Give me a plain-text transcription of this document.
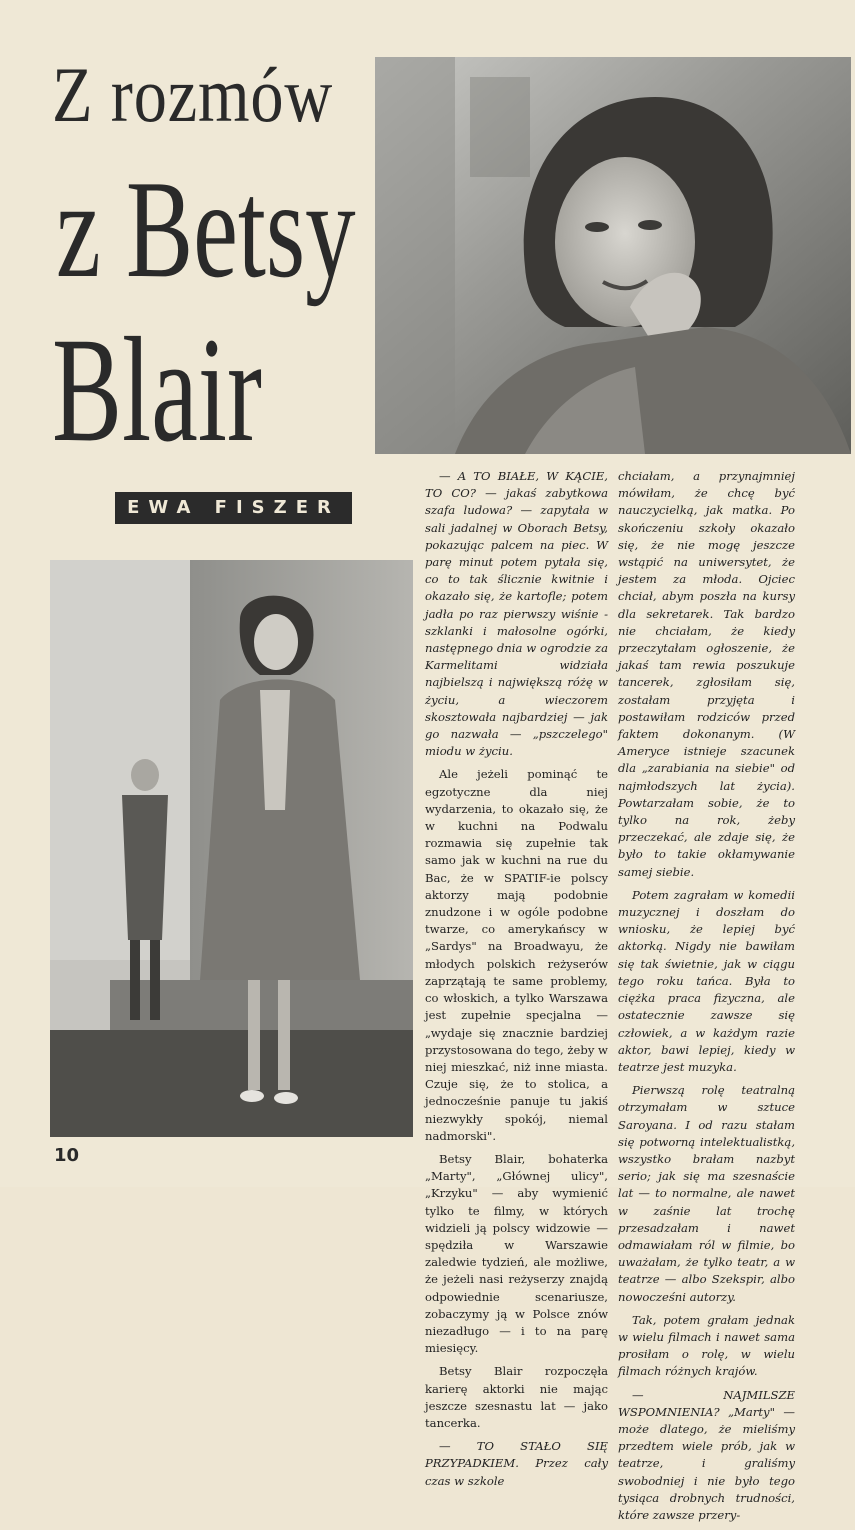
Z rozmów
z Betsy
Blair
EWA FISZER

— A TO BIAŁE, W KĄCIE, TO CO? — jakaś zabytkowa szafa ludowa? — zapytała w sali jadalnej w Oborach Betsy, pokazując palcem na piec. W parę minut potem pytała się, co to tak ślicznie kwitnie i okazało się, że kartofle; potem jadła po raz pierwszy wiśnie - szklanki i małosolne ogórki, następnego dnia w ogrodzie za Karmelitami widziała najbielszą i największą różę w życiu, a wieczorem skosztowała najbardziej — jak go nazwała — „pszczelego" miodu w życiu.

Ale jeżeli pominąć te egzotyczne dla niej wydarzenia, to okazało się, że w kuchni na Podwalu rozmawia się zupełnie tak samo jak w kuchni na rue du Bac, że w SPATIF-ie polscy aktorzy mają podobnie znudzone i w ogóle podobne twarze, co amerykańscy w „Sardys" na Broadwayu, że młodych polskich reżyserów zaprzątają te same problemy, co włoskich, a tylko Warszawa jest zupełnie specjalna — „wydaje się znacznie bardziej przystosowana do tego, żeby w niej mieszkać, niż inne miasta. Czuje się, że to stolica, a jednocześnie panuje tu jakiś niezwykły spokój, niemal nadmorski".

Betsy Blair, bohaterka „Marty", „Głównej ulicy", „Krzyku" — aby wymienić tylko te filmy, w których widzieli ją polscy widzowie — spędziła w Warszawie zaledwie tydzień, ale możliwe, że jeżeli nasi reżyserzy znajdą odpowiednie scenariusze, zobaczymy ją w Polsce znów niezadługo — i to na parę miesięcy.

Betsy Blair rozpoczęła karierę aktorki nie mając jeszcze szesnastu lat — jako tancerka.

— TO STAŁO SIĘ PRZYPADKIEM. Przez cały czas w szkole

chciałam, a przynajmniej mówiłam, że chcę być nauczycielką, jak matka. Po skończeniu szkoły okazało się, że nie mogę jeszcze wstąpić na uniwersytet, że jestem za młoda. Ojciec chciał, abym poszła na kursy dla sekretarek. Tak bardzo nie chciałam, że kiedy przeczytałam ogłoszenie, że jakaś tam rewia poszukuje tancerek, zgłosiłam się, zostałam przyjęta i postawiłam rodziców przed faktem dokonanym. (W Ameryce istnieje szacunek dla „zarabiania na siebie" od najmłodszych lat życia). Powtarzałam sobie, że to tylko na rok, żeby przeczekać, ale zdaje się, że było to takie okłamywanie samej siebie.

Potem zagrałam w komedii muzycznej i doszłam do wniosku, że lepiej być aktorką. Nigdy nie bawiłam się tak świetnie, jak w ciągu tego roku tańca. Była to ciężka praca fizyczna, ale ostatecznie zawsze się człowiek, a w każdym razie aktor, bawi lepiej, kiedy w teatrze jest muzyka.

Pierwszą rolę teatralną otrzymałam w sztuce Saroyana. I od razu stałam się potworną intelektualistką, wszystko brałam nazbyt serio; jak się ma szesnaście lat — to normalne, ale nawet w zaśnie lat trochę przesadzałam i nawet odmawiałam ról w filmie, bo uważałam, że tylko teatr, a w teatrze — albo Szekspir, albo nowocześni autorzy.

Tak, potem grałam jednak w wielu filmach i nawet sama prosiłam o rolę, w wielu filmach różnych krajów.

— NAJMILSZE WSPOMNIENIA? „Marty" — może dlatego, że mieliśmy przedtem wiele prób, jak w teatrze, i graliśmy swobodniej i nie było tego tysiąca drobnych trudności, które zawsze przery-

10
